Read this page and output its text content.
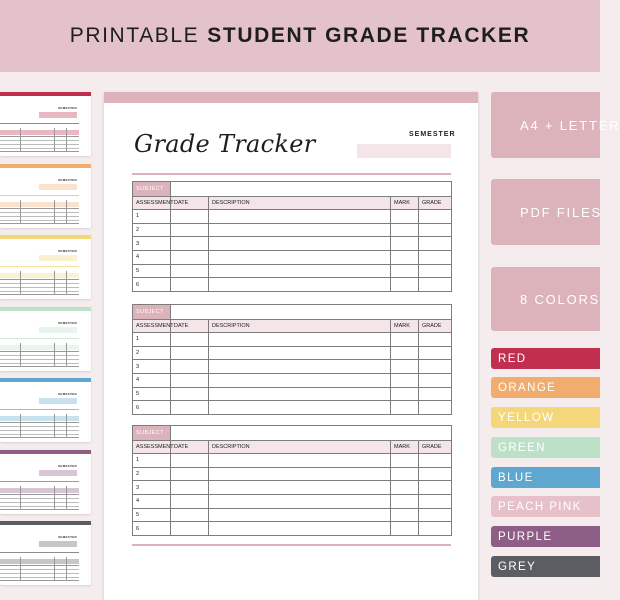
PRINTABLE STUDENT GRADE TRACKER
SEMESTER
SEMESTER
SEMESTER
SEMESTER
SEMESTER
SEMESTER
SEMESTER
Grade Tracker	SEMESTER
SUBJECT				
ASSESSMENT	DATE	DESCRIPTION	MARK	GRADE
1				
2				
3				
4				
5				
6				
SUBJECT				
ASSESSMENT	DATE	DESCRIPTION	MARK	GRADE
1				
2				
3				
4				
5				
6				
SUBJECT				
ASSESSMENT	DATE	DESCRIPTION	MARK	GRADE
1				
2				
3				
4				
5				
6				
A4 + LETTER
PDF FILES
8 COLORS
RED
ORANGE
YELLOW
GREEN
BLUE
PEACH PINK
PURPLE
GREY
